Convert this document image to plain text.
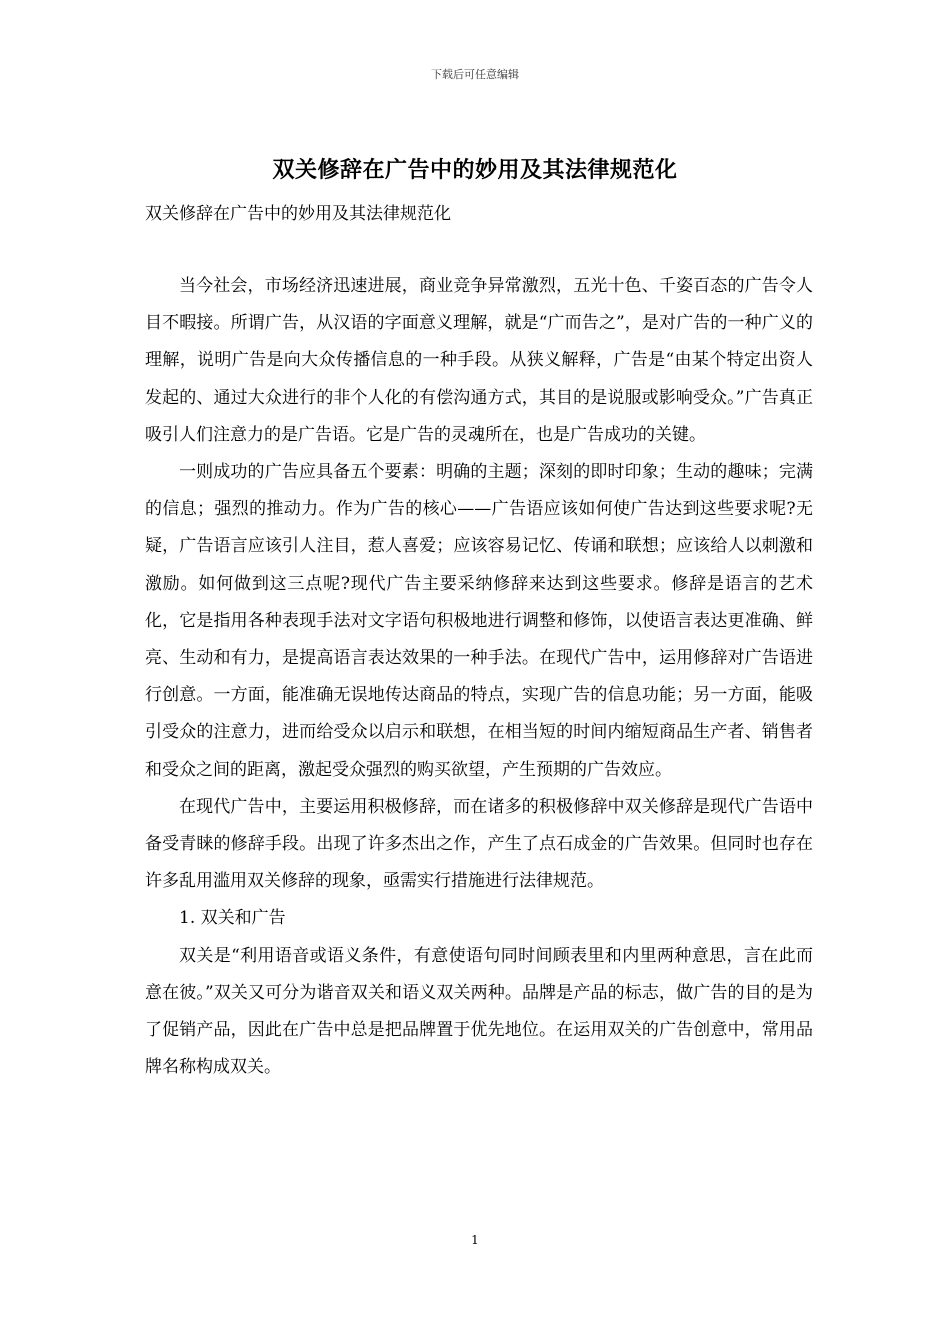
下载后可任意编辑
双关修辞在广告中的妙用及其法律规范化
双关修辞在广告中的妙用及其法律规范化

当今社会，市场经济迅速进展，商业竞争异常激烈，五光十色、千姿百态的广告令人目不暇接。所谓广告，从汉语的字面意义理解，就是“广而告之”，是对广告的一种广义的理解，说明广告是向大众传播信息的一种手段。从狭义解释，广告是“由某个特定出资人发起的、通过大众进行的非个人化的有偿沟通方式，其目的是说服或影响受众。”广告真正吸引人们注意力的是广告语。它是广告的灵魂所在，也是广告成功的关键。

一则成功的广告应具备五个要素：明确的主题；深刻的即时印象；生动的趣味；完满的信息；强烈的推动力。作为广告的核心——广告语应该如何使广告达到这些要求呢?无疑，广告语言应该引人注目，惹人喜爱；应该容易记忆、传诵和联想；应该给人以刺激和激励。如何做到这三点呢?现代广告主要采纳修辞来达到这些要求。修辞是语言的艺术化，它是指用各种表现手法对文字语句积极地进行调整和修饰，以使语言表达更准确、鲜亮、生动和有力，是提高语言表达效果的一种手法。在现代广告中，运用修辞对广告语进行创意。一方面，能准确无误地传达商品的特点，实现广告的信息功能；另一方面，能吸引受众的注意力，进而给受众以启示和联想，在相当短的时间内缩短商品生产者、销售者和受众之间的距离，激起受众强烈的购买欲望，产生预期的广告效应。

在现代广告中，主要运用积极修辞，而在诸多的积极修辞中双关修辞是现代广告语中备受青睐的修辞手段。出现了许多杰出之作，产生了点石成金的广告效果。但同时也存在许多乱用滥用双关修辞的现象，亟需实行措施进行法律规范。

1. 双关和广告

双关是“利用语音或语义条件，有意使语句同时间顾表里和内里两种意思，言在此而意在彼。”双关又可分为谐音双关和语义双关两种。品牌是产品的标志，做广告的目的是为了促销产品，因此在广告中总是把品牌置于优先地位。在运用双关的广告创意中，常用品牌名称构成双关。

1
